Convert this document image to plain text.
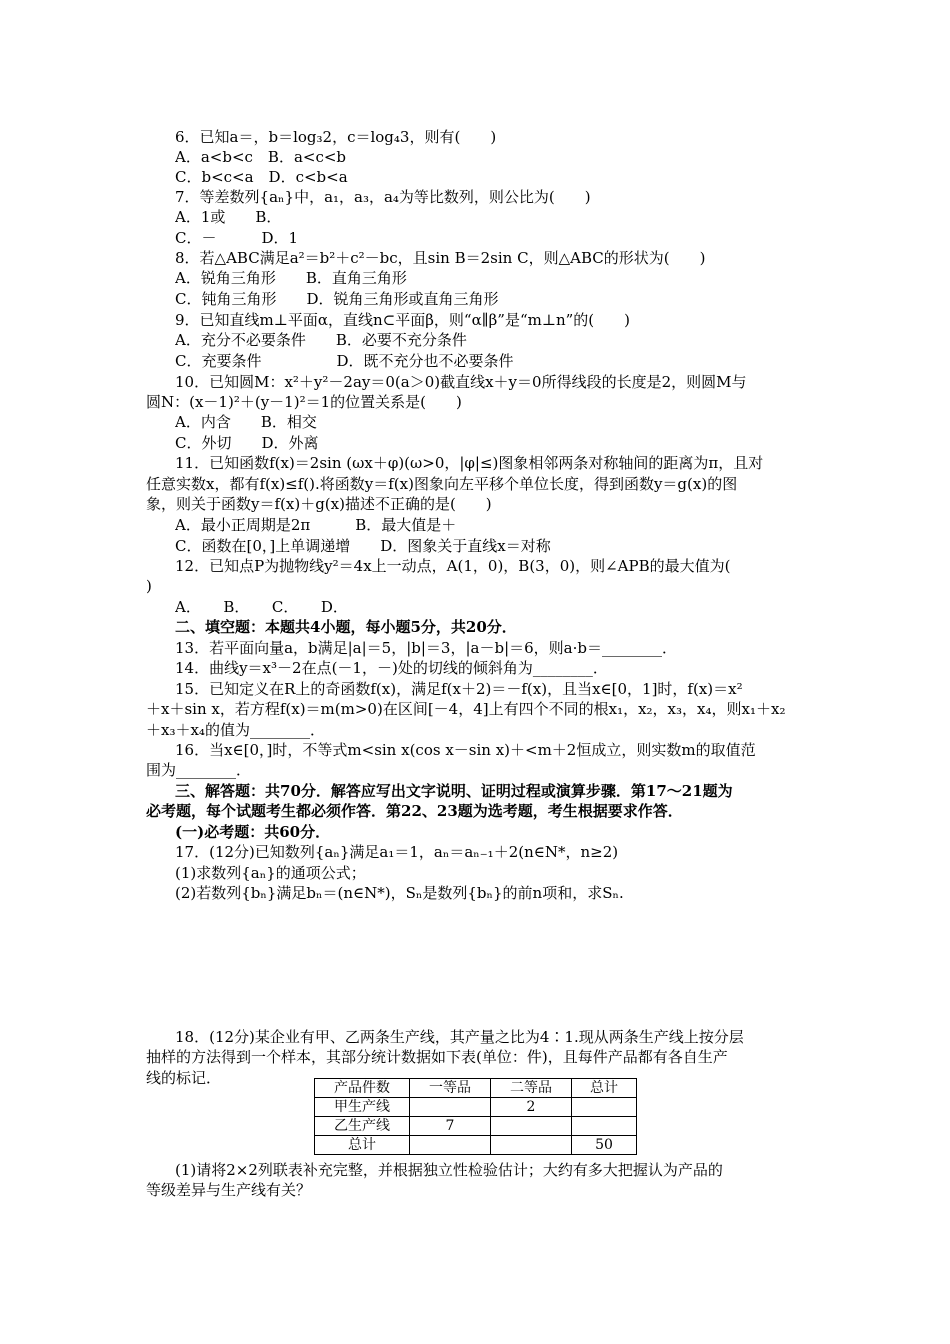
6．已知a＝，b＝log₃2，c＝log₄3，则有(　　)
A．a<b<c　B．a<c<b
C．b<c<a　D．c<b<a
7．等差数列{aₙ}中，a₁，a₃，a₄为等比数列，则公比为(　　)
A．1或　　B．
C．－　　　D．1
8．若△ABC满足a²＝b²＋c²－bc，且sin B＝2sin C，则△ABC的形状为(　　)
A．锐角三角形　　B．直角三角形
C．钝角三角形　　D．锐角三角形或直角三角形
9．已知直线m⊥平面α，直线n⊂平面β，则“α∥β”是“m⊥n”的(　　)
A．充分不必要条件　　B．必要不充分条件
C．充要条件　　　　　D．既不充分也不必要条件
10．已知圆M：x²＋y²－2ay＝0(a＞0)截直线x＋y＝0所得线段的长度是2，则圆M与
圆N：(x－1)²＋(y－1)²＝1的位置关系是(　　)
A．内含　　B．相交
C．外切　　D．外离
11．已知函数f(x)＝2sin (ωx＋φ)(ω>0，|φ|≤)图象相邻两条对称轴间的距离为π，且对
任意实数x，都有f(x)≤f().将函数y＝f(x)图象向左平移个单位长度，得到函数y＝g(x)的图
象，则关于函数y＝f(x)＋g(x)描述不正确的是(　　)
A．最小正周期是2π　　　B．最大值是＋
C．函数在[0，]上单调递增　　D．图象关于直线x＝对称
12．已知点P为抛物线y²＝4x上一动点，A(1，0)，B(3，0)，则∠APB的最大值为(
)
A．　　B．　　C．　　D．
二、填空题：本题共4小题，每小题5分，共20分．
13．若平面向量a，b满足|a|＝5，|b|＝3，|a－b|＝6，则a·b＝________．
14．曲线y＝x³－2在点(－1，－)处的切线的倾斜角为________．
15．已知定义在R上的奇函数f(x)，满足f(x＋2)＝－f(x)，且当x∈[0，1]时，f(x)＝x²
＋x＋sin x，若方程f(x)＝m(m>0)在区间[－4，4]上有四个不同的根x₁，x₂，x₃，x₄，则x₁＋x₂
＋x₃＋x₄的值为________．
16．当x∈[0，]时，不等式m<sin x(cos x－sin x)＋<m＋2恒成立，则实数m的取值范
围为________．
三、解答题：共70分．解答应写出文字说明、证明过程或演算步骤．第17～21题为
必考题，每个试题考生都必须作答．第22、23题为选考题，考生根据要求作答．
(一)必考题：共60分．
17．(12分)已知数列{aₙ}满足a₁＝1，aₙ＝aₙ₋₁＋2(n∈N*，n≥2)
(1)求数列{aₙ}的通项公式；
(2)若数列{bₙ}满足bₙ＝(n∈N*)，Sₙ是数列{bₙ}的前n项和，求Sₙ.
18．(12分)某企业有甲、乙两条生产线，其产量之比为4∶1.现从两条生产线上按分层
抽样的方法得到一个样本，其部分统计数据如下表(单位：件)，且每件产品都有各自生产
线的标记．
产品件数	一等品	二等品	总计
甲生产线		2	
乙生产线	7		
总计			50
(1)请将2×2列联表补充完整，并根据独立性检验估计；大约有多大把握认为产品的
等级差异与生产线有关？
